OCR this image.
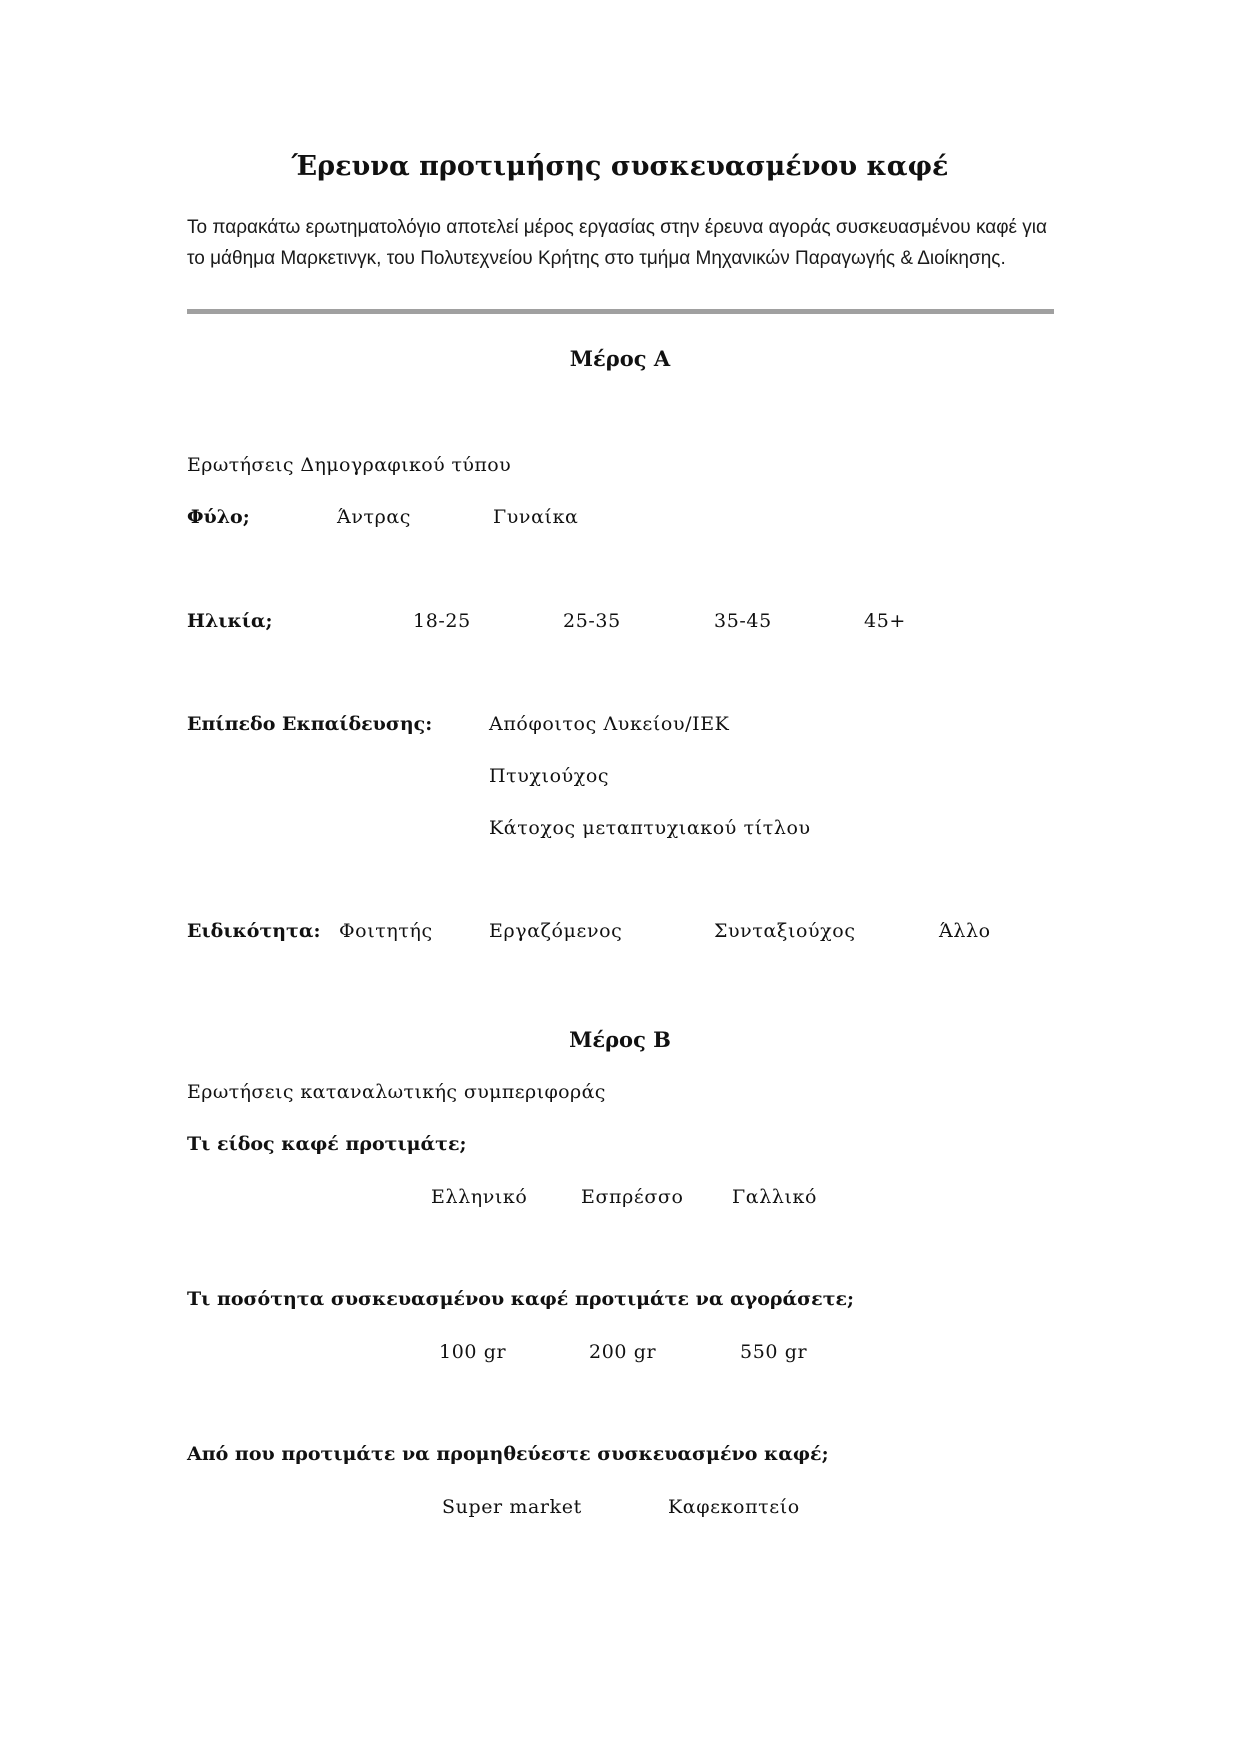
Έρευνα προτιμήσης συσκευασμένου καφέ
Το παρακάτω ερωτηματολόγιο αποτελεί μέρος εργασίας στην έρευνα αγοράς συσκευασμένου καφέ για το μάθημα Μαρκετινγκ, του Πολυτεχνείου Κρήτης στο τμήμα Μηχανικών Παραγωγής & Διοίκησης.
Μέρος Α
Ερωτήσεις Δημογραφικού τύπου
Φύλο;	Άντρας	Γυναίκα
Ηλικία;	18-25	25-35	35-45	45+
Επίπεδο Εκπαίδευσης:	Απόφοιτος Λυκείου/ΙΕΚ
Πτυχιούχος
Κάτοχος μεταπτυχιακού τίτλου
Ειδικότητα: Φοιτητής	Εργαζόμενος	Συνταξιούχος	Άλλο
Μέρος Β
Ερωτήσεις καταναλωτικής συμπεριφοράς
Τι είδος καφέ προτιμάτε;
Ελληνικό	Εσπρέσσο	Γαλλικό
Τι ποσότητα συσκευασμένου καφέ προτιμάτε να αγοράσετε;
100 gr	200 gr	550 gr
Από που προτιμάτε να προμηθεύεστε συσκευασμένο καφέ;
Super market	Καφεκοπτείο
